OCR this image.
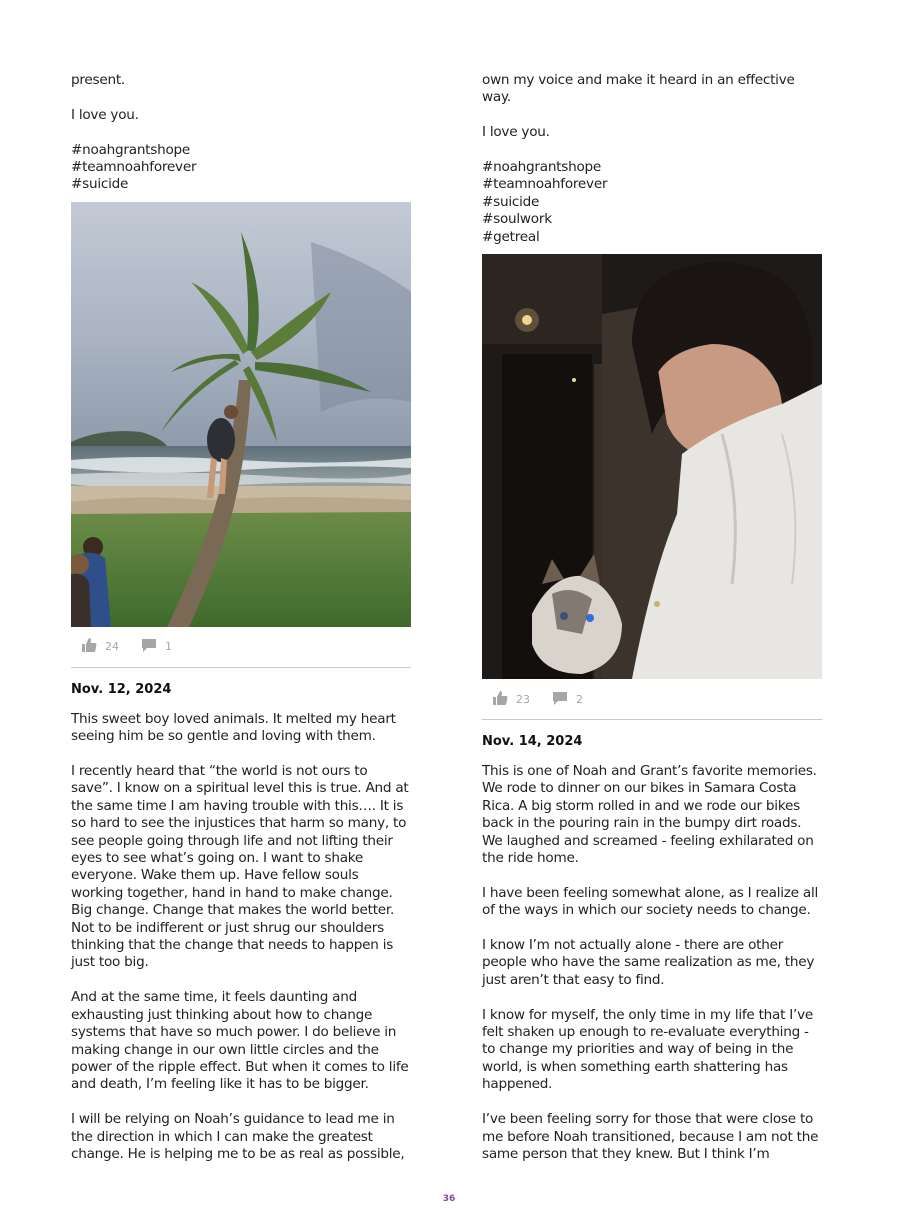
present.

I love you.

#noahgrantshope

#teamnoahforever

#suicide

24	1
Nov. 12, 2024

This sweet boy loved animals. It melted my heart seeing him be so gentle and loving with them.

I recently heard that “the world is not ours to save”. I know on a spiritual level this is true. And at the same time I am having trouble with this…. It is so hard to see the injustices that harm so many, to see people going through life and not lifting their eyes to see what’s going on. I want to shake everyone. Wake them up. Have fellow souls working together, hand in hand to make change. Big change. Change that makes the world better. Not to be indifferent or just shrug our shoulders thinking that the change that needs to happen is just too big.

And at the same time, it feels daunting and exhausting just thinking about how to change systems that have so much power. I do believe in making change in our own little circles and the power of the ripple effect. But when it comes to life and death, I’m feeling like it has to be bigger.

I will be relying on Noah’s guidance to lead me in the direction in which I can make the greatest change. He is helping me to be as real as possible,

own my voice and make it heard in an effective way.

I love you.

#noahgrantshope

#teamnoahforever

#suicide

#soulwork

#getreal

23	2
Nov. 14, 2024

This is one of Noah and Grant’s favorite memories. We rode to dinner on our bikes in Samara Costa Rica. A big storm rolled in and we rode our bikes back in the pouring rain in the bumpy dirt roads. We laughed and screamed - feeling exhilarated on the ride home.

I have been feeling somewhat alone, as I realize all of the ways in which our society needs to change.

I know I’m not actually alone - there are other people who have the same realization as me, they just aren’t that easy to find.

I know for myself, the only time in my life that I’ve felt shaken up enough to re-evaluate everything - to change my priorities and way of being in the world, is when something earth shattering has happened.

I’ve been feeling sorry for those that were close to me before Noah transitioned, because I am not the same person that they knew. But I think I’m

36
